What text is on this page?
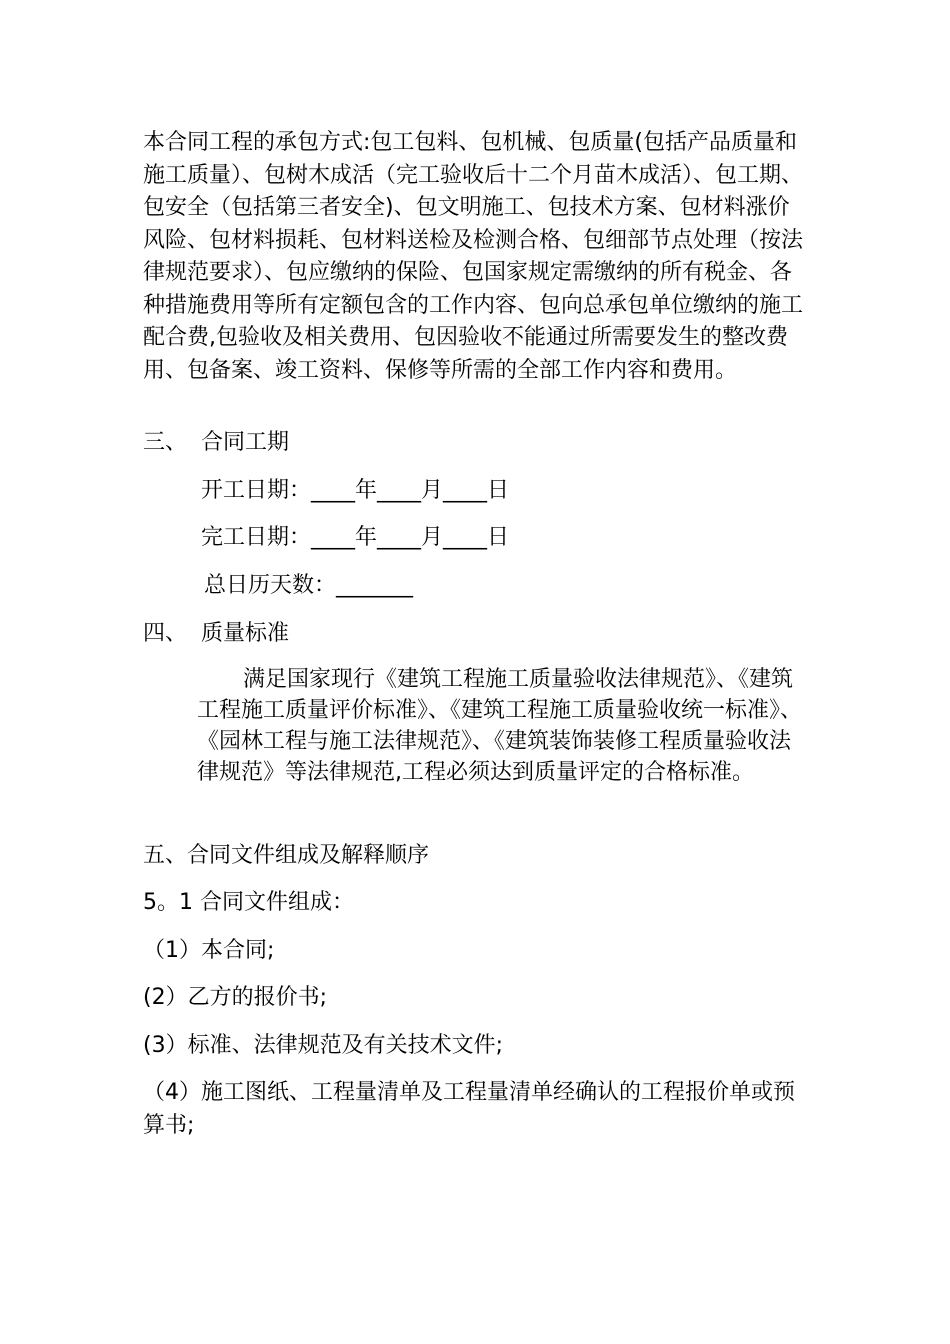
本合同工程的承包方式:包工包料、包机械、包质量(包括产品质量和施工质量）、包树木成活（完工验收后十二个月苗木成活）、包工期、包安全（包括第三者安全)、包文明施工、包技术方案、包材料涨价风险、包材料损耗、包材料送检及检测合格、包细部节点处理（按法律规范要求）、包应缴纳的保险、包国家规定需缴纳的所有税金、各种措施费用等所有定额包含的工作内容、包向总承包单位缴纳的施工配合费,包验收及相关费用、包因验收不能通过所需要发生的整改费用、包备案、竣工资料、保修等所需的全部工作内容和费用。
三、  合同工期
开工日期：____年____月____日
完工日期：____年____月____日
总日历天数：_______
四、  质量标准
满足国家现行《建筑工程施工质量验收法律规范》、《建筑工程施工质量评价标准》、《建筑工程施工质量验收统一标准》、《园林工程与施工法律规范》、《建筑装饰装修工程质量验收法律规范》等法律规范,工程必须达到质量评定的合格标准。
五、合同文件组成及解释顺序
5。1 合同文件组成：
（1）本合同;
(2）乙方的报价书;
(3）标准、法律规范及有关技术文件;
（4）施工图纸、工程量清单及工程量清单经确认的工程报价单或预算书;
